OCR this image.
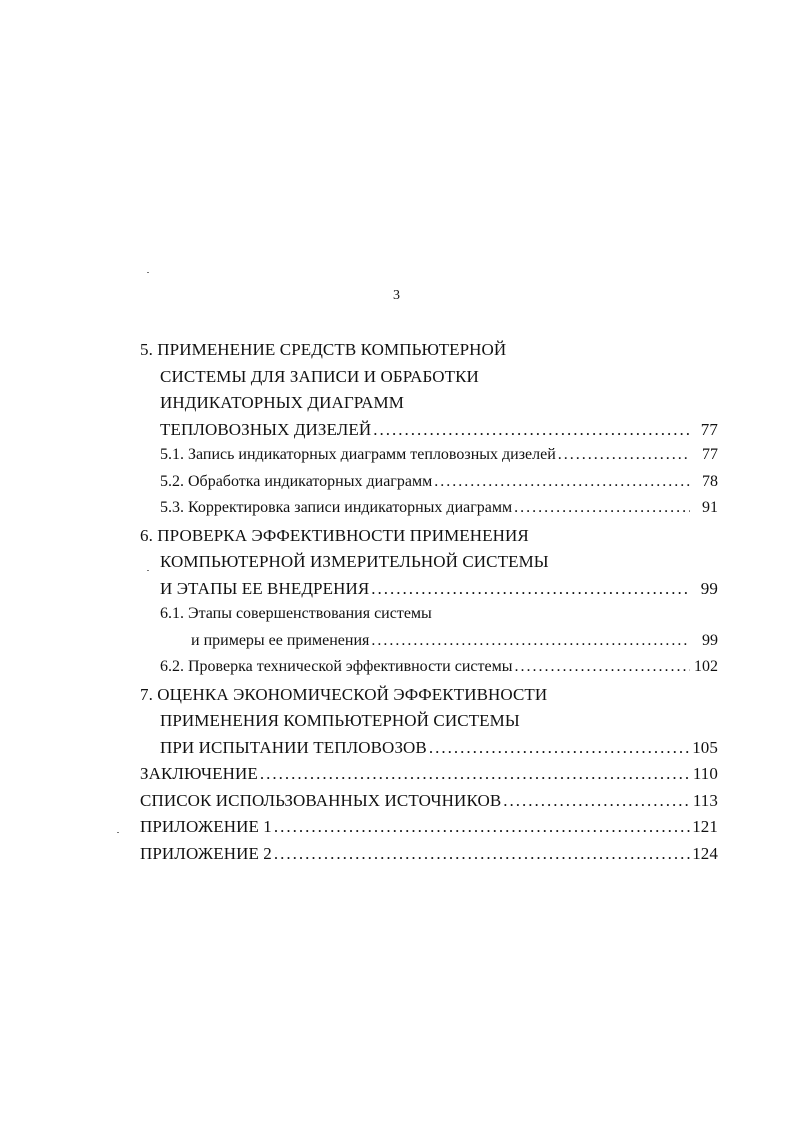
3
5. ПРИМЕНЕНИЕ СРЕДСТВ КОМПЬЮТЕРНОЙ
СИСТЕМЫ ДЛЯ ЗАПИСИ И ОБРАБОТКИ
ИНДИКАТОРНЫХ ДИАГРАММ
ТЕПЛОВОЗНЫХ ДИЗЕЛЕЙ .....	77
5.1. Запись индикаторных диаграмм тепловозных дизелей .....	77
5.2. Обработка индикаторных диаграмм .....	78
5.3. Корректировка записи индикаторных диаграмм .....	91
6. ПРОВЕРКА ЭФФЕКТИВНОСТИ ПРИМЕНЕНИЯ
КОМПЬЮТЕРНОЙ ИЗМЕРИТЕЛЬНОЙ СИСТЕМЫ
И ЭТАПЫ ЕЕ ВНЕДРЕНИЯ .....	99
6.1. Этапы совершенствования системы
и примеры ее применения .....	99
6.2. Проверка технической эффективности системы .....	102
7. ОЦЕНКА ЭКОНОМИЧЕСКОЙ ЭФФЕКТИВНОСТИ
ПРИМЕНЕНИЯ КОМПЬЮТЕРНОЙ СИСТЕМЫ
ПРИ ИСПЫТАНИИ ТЕПЛОВОЗОВ .....	105
ЗАКЛЮЧЕНИЕ .....	110
СПИСОК ИСПОЛЬЗОВАННЫХ ИСТОЧНИКОВ .....	113
ПРИЛОЖЕНИЕ 1 .....	121
ПРИЛОЖЕНИЕ 2 .....	124
